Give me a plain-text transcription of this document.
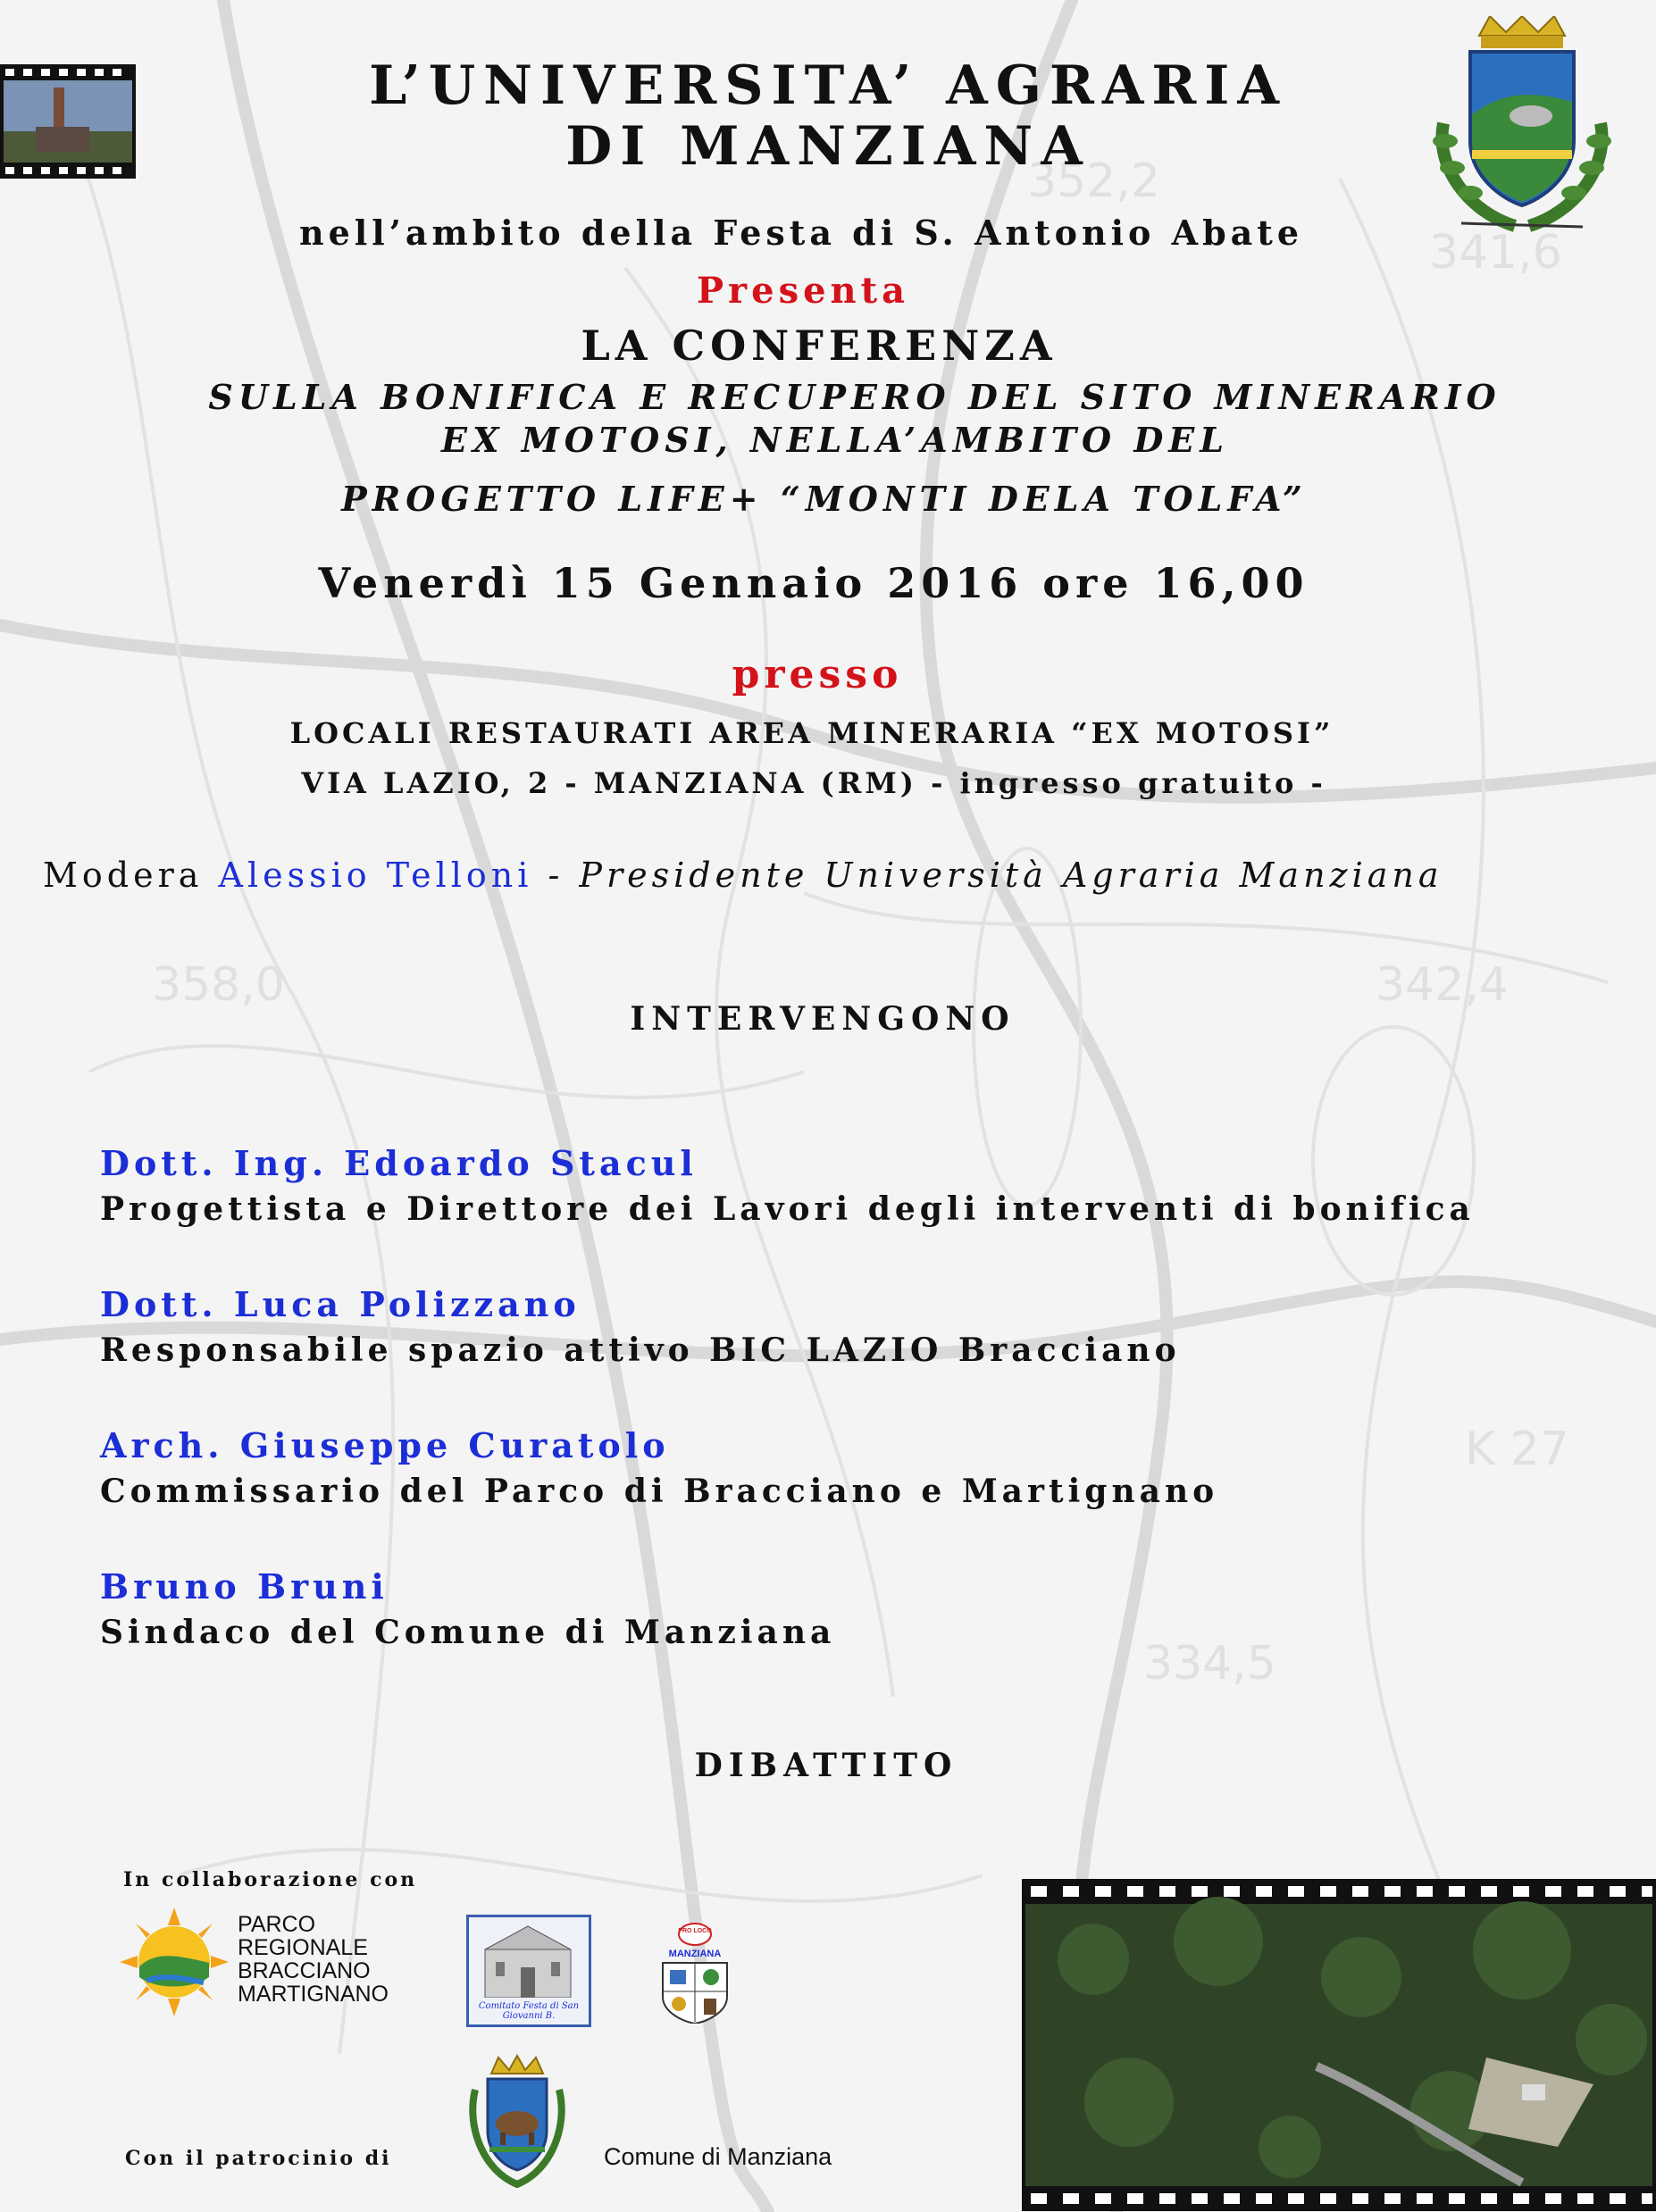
352,2
341,6
342,4
358,0
K 27
334,5
L’UNIVERSITA’ AGRARIA
DI MANZIANA
nell’ambito della Festa di S. Antonio Abate
Presenta
LA CONFERENZA
SULLA BONIFICA E RECUPERO DEL SITO MINERARIO
EX MOTOSI, NELLA’AMBITO DEL
PROGETTO LIFE+ “MONTI DELA TOLFA”
Venerdì 15 Gennaio 2016 ore 16,00
presso
LOCALI RESTAURATI AREA MINERARIA “EX MOTOSI”
VIA LAZIO, 2 - MANZIANA (RM) - ingresso gratuito -
Modera Alessio Telloni - Presidente Università Agraria Manziana
INTERVENGONO
Dott. Ing. Edoardo Stacul
Progettista e Direttore dei Lavori degli interventi di bonifica
Dott. Luca Polizzano
Responsabile spazio attivo BIC LAZIO Bracciano
Arch. Giuseppe Curatolo
Commissario del Parco di Bracciano e Martignano
Bruno Bruni
Sindaco del Comune di Manziana
DIBATTITO
In collaborazione con
PARCO
REGIONALE
BRACCIANO
MARTIGNANO	Comitato Festa di San Giovanni B.
PRO LOCO
MANZIANA
Con il patrocinio di	Comune di Manziana
